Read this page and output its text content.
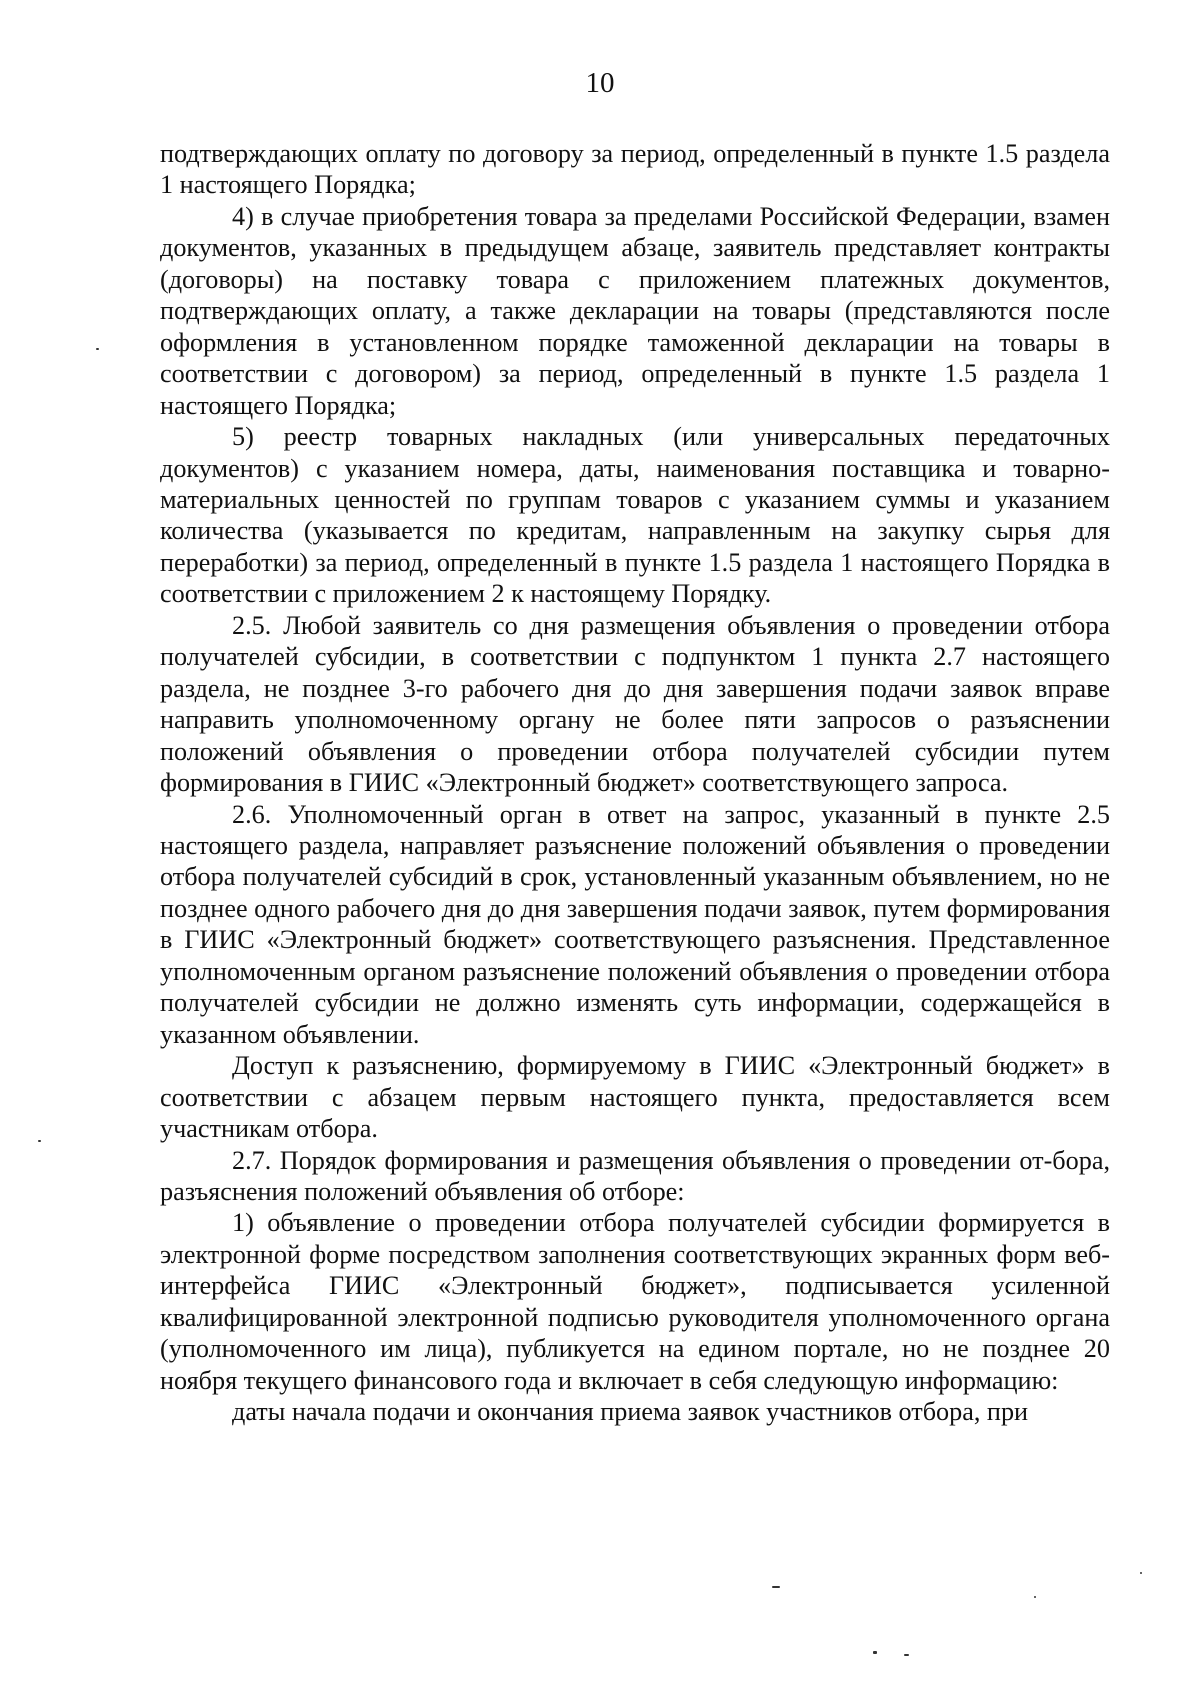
10

подтверждающих оплату по договору за период, определенный в пункте 1.5 раздела 1 настоящего Порядка;

4) в случае приобретения товара за пределами Российской Федерации, взамен документов, указанных в предыдущем абзаце, заявитель представляет контракты (договоры) на поставку товара с приложением платежных документов, подтверждающих оплату, а также декларации на товары (представляются после оформления в установленном порядке таможенной декларации на товары в соответствии с договором) за период, определенный в пункте 1.5 раздела 1 настоящего Порядка;

5) реестр товарных накладных (или универсальных передаточных документов) с указанием номера, даты, наименования поставщика и товарно-материальных ценностей по группам товаров с указанием суммы и указанием количества (указывается по кредитам, направленным на закупку сырья для переработки) за период, определенный в пункте 1.5 раздела 1 настоящего Порядка в соответствии с приложением 2 к настоящему Порядку.

2.5. Любой заявитель со дня размещения объявления о проведении отбора получателей субсидии, в соответствии с подпунктом 1 пункта 2.7 настоящего раздела, не позднее 3-го рабочего дня до дня завершения подачи заявок вправе направить уполномоченному органу не более пяти запросов о разъяснении положений объявления о проведении отбора получателей субсидии путем формирования в ГИИС «Электронный бюджет» соответствующего запроса.

2.6. Уполномоченный орган в ответ на запрос, указанный в пункте 2.5 настоящего раздела, направляет разъяснение положений объявления о проведении отбора получателей субсидий в срок, установленный указанным объявлением, но не позднее одного рабочего дня до дня завершения подачи заявок, путем формирования в ГИИС «Электронный бюджет» соответствующего разъяснения. Представленное уполномоченным органом разъяснение положений объявления о проведении отбора получателей субсидии не должно изменять суть информации, содержащейся в указанном объявлении.

Доступ к разъяснению, формируемому в ГИИС «Электронный бюджет» в соответствии с абзацем первым настоящего пункта, предоставляется всем участникам отбора.

2.7. Порядок формирования и размещения объявления о проведении от-бора, разъяснения положений объявления об отборе:

1) объявление о проведении отбора получателей субсидии формируется в электронной форме посредством заполнения соответствующих экранных форм веб-интерфейса ГИИС «Электронный бюджет», подписывается усиленной квалифицированной электронной подписью руководителя уполномоченного органа (уполномоченного им лица), публикуется на едином портале, но не позднее 20 ноября текущего финансового года и включает в себя следующую информацию:

даты начала подачи и окончания приема заявок участников отбора, при
